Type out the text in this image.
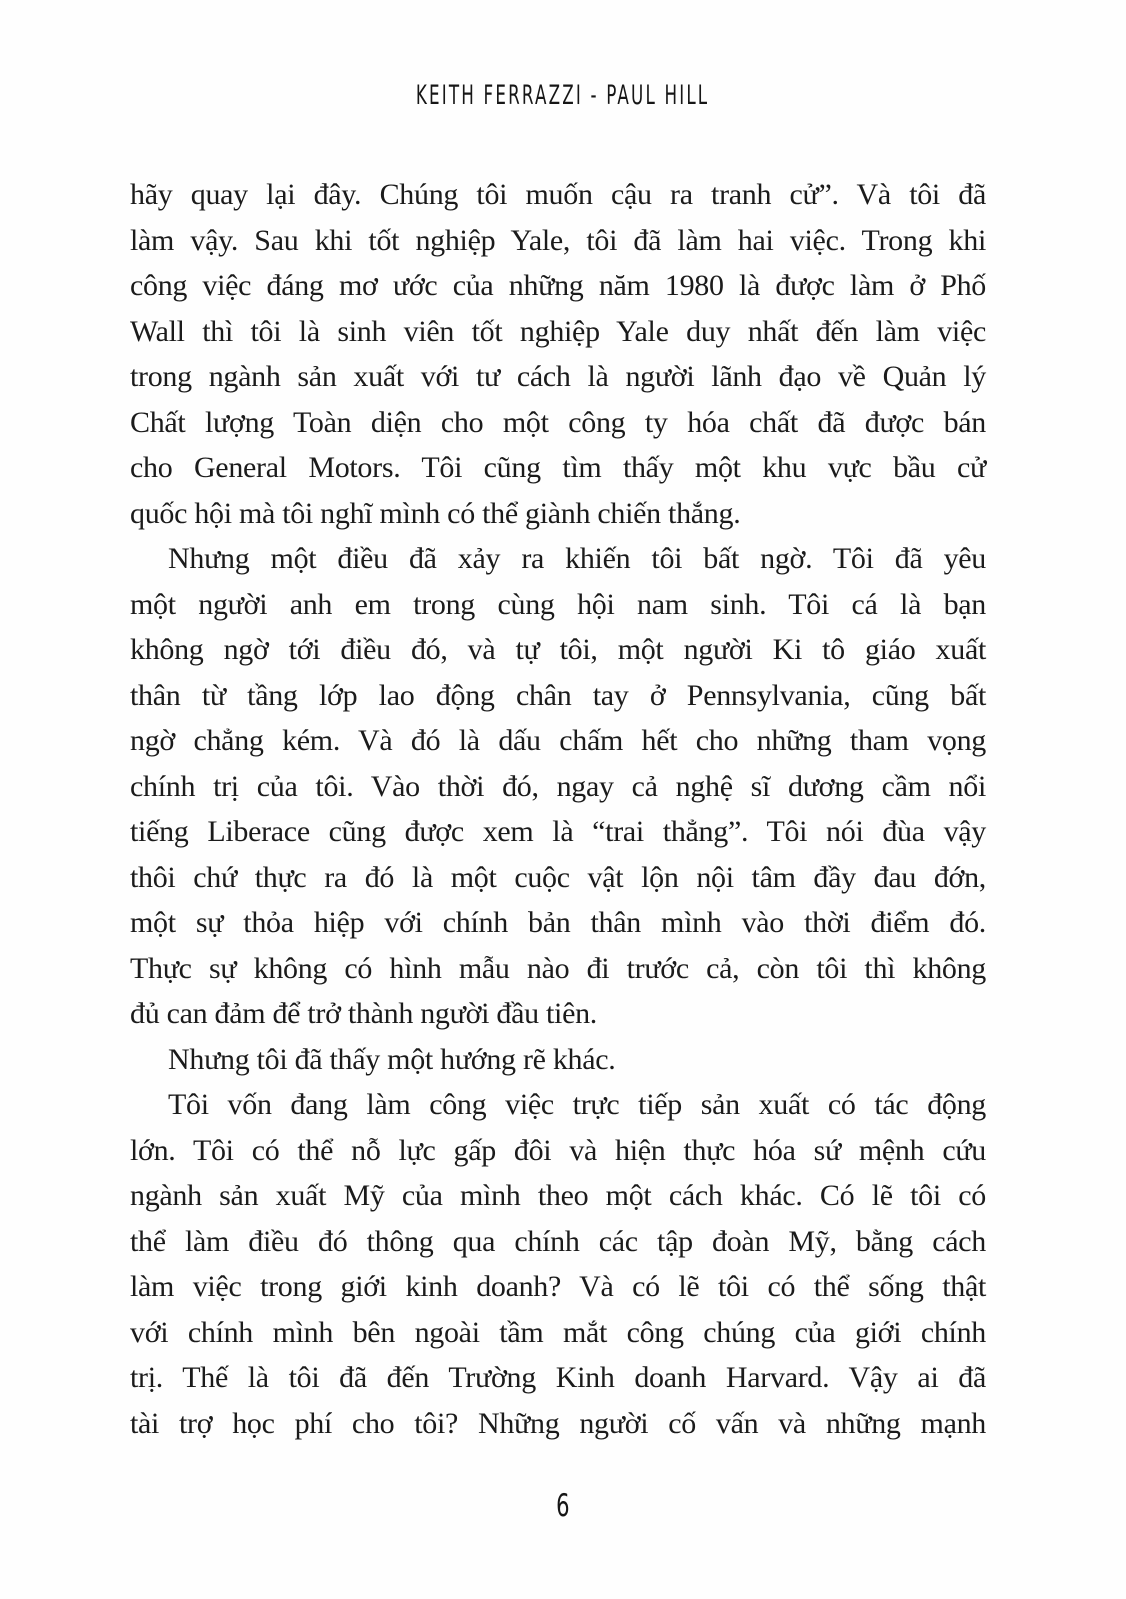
KEITH FERRAZZI - PAUL HILL
hãy quay lại đây. Chúng tôi muốn cậu ra tranh cử”. Và tôi đã
làm vậy. Sau khi tốt nghiệp Yale, tôi đã làm hai việc. Trong khi
công việc đáng mơ ước của những năm 1980 là được làm ở Phố
Wall thì tôi là sinh viên tốt nghiệp Yale duy nhất đến làm việc
trong ngành sản xuất với tư cách là người lãnh đạo về Quản lý
Chất lượng Toàn diện cho một công ty hóa chất đã được bán
cho General Motors. Tôi cũng tìm thấy một khu vực bầu cử
quốc hội mà tôi nghĩ mình có thể giành chiến thắng.
Nhưng một điều đã xảy ra khiến tôi bất ngờ. Tôi đã yêu
một người anh em trong cùng hội nam sinh. Tôi cá là bạn
không ngờ tới điều đó, và tự tôi, một người Ki tô giáo xuất
thân từ tầng lớp lao động chân tay ở Pennsylvania, cũng bất
ngờ chẳng kém. Và đó là dấu chấm hết cho những tham vọng
chính trị của tôi. Vào thời đó, ngay cả nghệ sĩ dương cầm nổi
tiếng Liberace cũng được xem là “trai thẳng”. Tôi nói đùa vậy
thôi chứ thực ra đó là một cuộc vật lộn nội tâm đầy đau đớn,
một sự thỏa hiệp với chính bản thân mình vào thời điểm đó.
Thực sự không có hình mẫu nào đi trước cả, còn tôi thì không
đủ can đảm để trở thành người đầu tiên.
Nhưng tôi đã thấy một hướng rẽ khác.
Tôi vốn đang làm công việc trực tiếp sản xuất có tác động
lớn. Tôi có thể nỗ lực gấp đôi và hiện thực hóa sứ mệnh cứu
ngành sản xuất Mỹ của mình theo một cách khác. Có lẽ tôi có
thể làm điều đó thông qua chính các tập đoàn Mỹ, bằng cách
làm việc trong giới kinh doanh? Và có lẽ tôi có thể sống thật
với chính mình bên ngoài tầm mắt công chúng của giới chính
trị. Thế là tôi đã đến Trường Kinh doanh Harvard. Vậy ai đã
tài trợ học phí cho tôi? Những người cố vấn và những mạnh
6
